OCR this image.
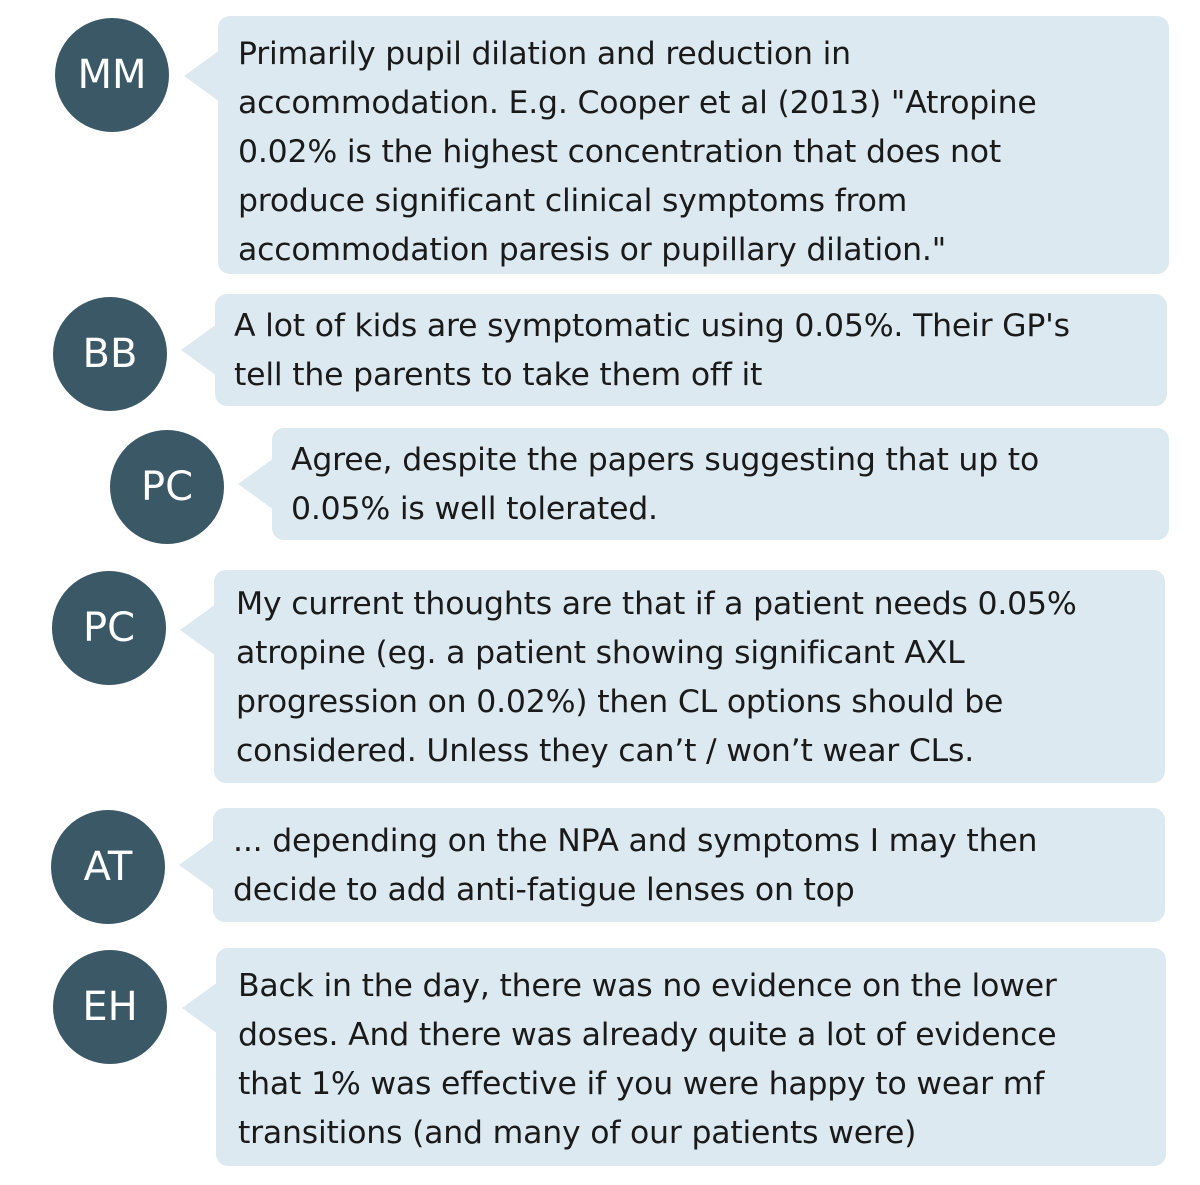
MM	Primarily pupil dilation and reduction in
accommodation. E.g. Cooper et al (2013) "Atropine
0.02% is the highest concentration that does not
produce significant clinical symptoms from
accommodation paresis or pupillary dilation."
BB
A lot of kids are symptomatic using 0.05%. Their GP's
tell the parents to take them off it
PC
Agree, despite the papers suggesting that up to
0.05% is well tolerated.
PC
My current thoughts are that if a patient needs 0.05%
atropine (eg. a patient showing significant AXL
progression on 0.02%) then CL options should be
considered. Unless they can’t / won’t wear CLs.
AT
... depending on the NPA and symptoms I may then
decide to add anti-fatigue lenses on top
EH	Back in the day, there was no evidence on the lower
doses. And there was already quite a lot of evidence
that 1% was effective if you were happy to wear mf
transitions (and many of our patients were)
